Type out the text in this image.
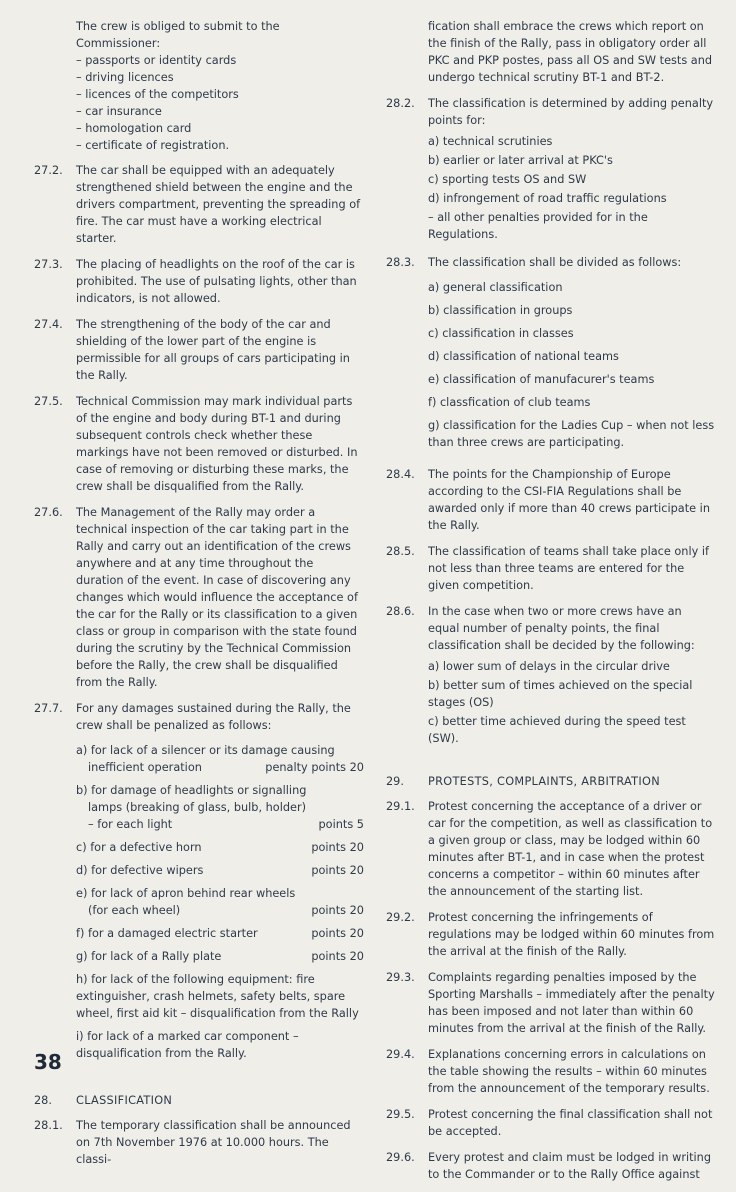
The crew is obliged to submit to the Commissioner:

– passports or identity cards
– driving licences
– licences of the competitors
– car insurance
– homologation card
– certificate of registration.
27.2.	The car shall be equipped with an adequately strengthened shield between the engine and the drivers compartment, preventing the spreading of fire. The car must have a working electrical starter.

27.3.	The placing of headlights on the roof of the car is prohibited. The use of pulsating lights, other than indicators, is not allowed.

27.4.	The strengthening of the body of the car and shielding of the lower part of the engine is permissible for all groups of cars participating in the Rally.

27.5.	Technical Commission may mark individual parts of the engine and body during BT-1 and during subsequent controls check whether these markings have not been removed or disturbed. In case of removing or disturbing these marks, the crew shall be disqualified from the Rally.

27.6.	The Management of the Rally may order a technical inspection of the car taking part in the Rally and carry out an identification of the crews anywhere and at any time throughout the duration of the event. In case of discovering any changes which would influence the acceptance of the car for the Rally or its classification to a given class or group in comparison with the state found during the scrutiny by the Technical Commission before the Rally, the crew shall be disqualified from the Rally.

27.7.	For any damages sustained during the Rally, the crew shall be penalized as follows:

a) for lack of a silencer or its damage causing
inefficient operation	penalty points 20
b) for damage of headlights or signalling
lamps (breaking of glass, bulb, holder)
– for each light	points 5
c) for a defective horn	points 20
d) for defective wipers	points 20
e) for lack of apron behind rear wheels
(for each wheel)	points 20
f) for a damaged electric starter	points 20
g) for lack of a Rally plate	points 20
h) for lack of the following equipment: fire extinguisher, crash helmets, safety belts, spare wheel, first aid kit – disqualification from the Rally
i) for lack of a marked car component – disqualification from the Rally.
28.	CLASSIFICATION
28.1.	The temporary classification shall be announced on 7th November 1976 at 10.000 hours. The classi-

fication shall embrace the crews which report on the finish of the Rally, pass in obligatory order all PKC and PKP postes, pass all OS and SW tests and undergo technical scrutiny BT-1 and BT-2.

28.2.	The classification is determined by adding penalty points for:

a) technical scrutinies
b) earlier or later arrival at PKC's
c) sporting tests OS and SW
d) infrongement of road traffic regulations
– all other penalties provided for in the Regulations.
28.3.	The classification shall be divided as follows:

a) general classification
b) classification in groups
c) classification in classes
d) classification of national teams
e) classification of manufacurer's teams
f) classfication of club teams
g) classification for the Ladies Cup – when not less than three crews are participating.
28.4.	The points for the Championship of Europe according to the CSI-FIA Regulations shall be awarded only if more than 40 crews participate in the Rally.

28.5.	The classification of teams shall take place only if not less than three teams are entered for the given competition.

28.6.	In the case when two or more crews have an equal number of penalty points, the final classification shall be decided by the following:

a) lower sum of delays in the circular drive
b) better sum of times achieved on the special stages (OS)
c) better time achieved during the speed test (SW).
29.	PROTESTS, COMPLAINTS, ARBITRATION
29.1.	Protest concerning the acceptance of a driver or car for the competition, as well as classification to a given group or class, may be lodged within 60 minutes after BT-1, and in case when the protest concerns a competitor – within 60 minutes after the announcement of the starting list.

29.2.	Protest concerning the infringements of regulations may be lodged within 60 minutes from the arrival at the finish of the Rally.

29.3.	Complaints regarding penalties imposed by the Sporting Marshalls – immediately after the penalty has been imposed and not later than within 60 minutes from the arrival at the finish of the Rally.

29.4.	Explanations concerning errors in calculations on the table showing the results – within 60 minutes from the announcement of the temporary results.

29.5.	Protest concerning the final classification shall not be accepted.

29.6.	Every protest and claim must be lodged in writing to the Commander or to the Rally Office against

38
